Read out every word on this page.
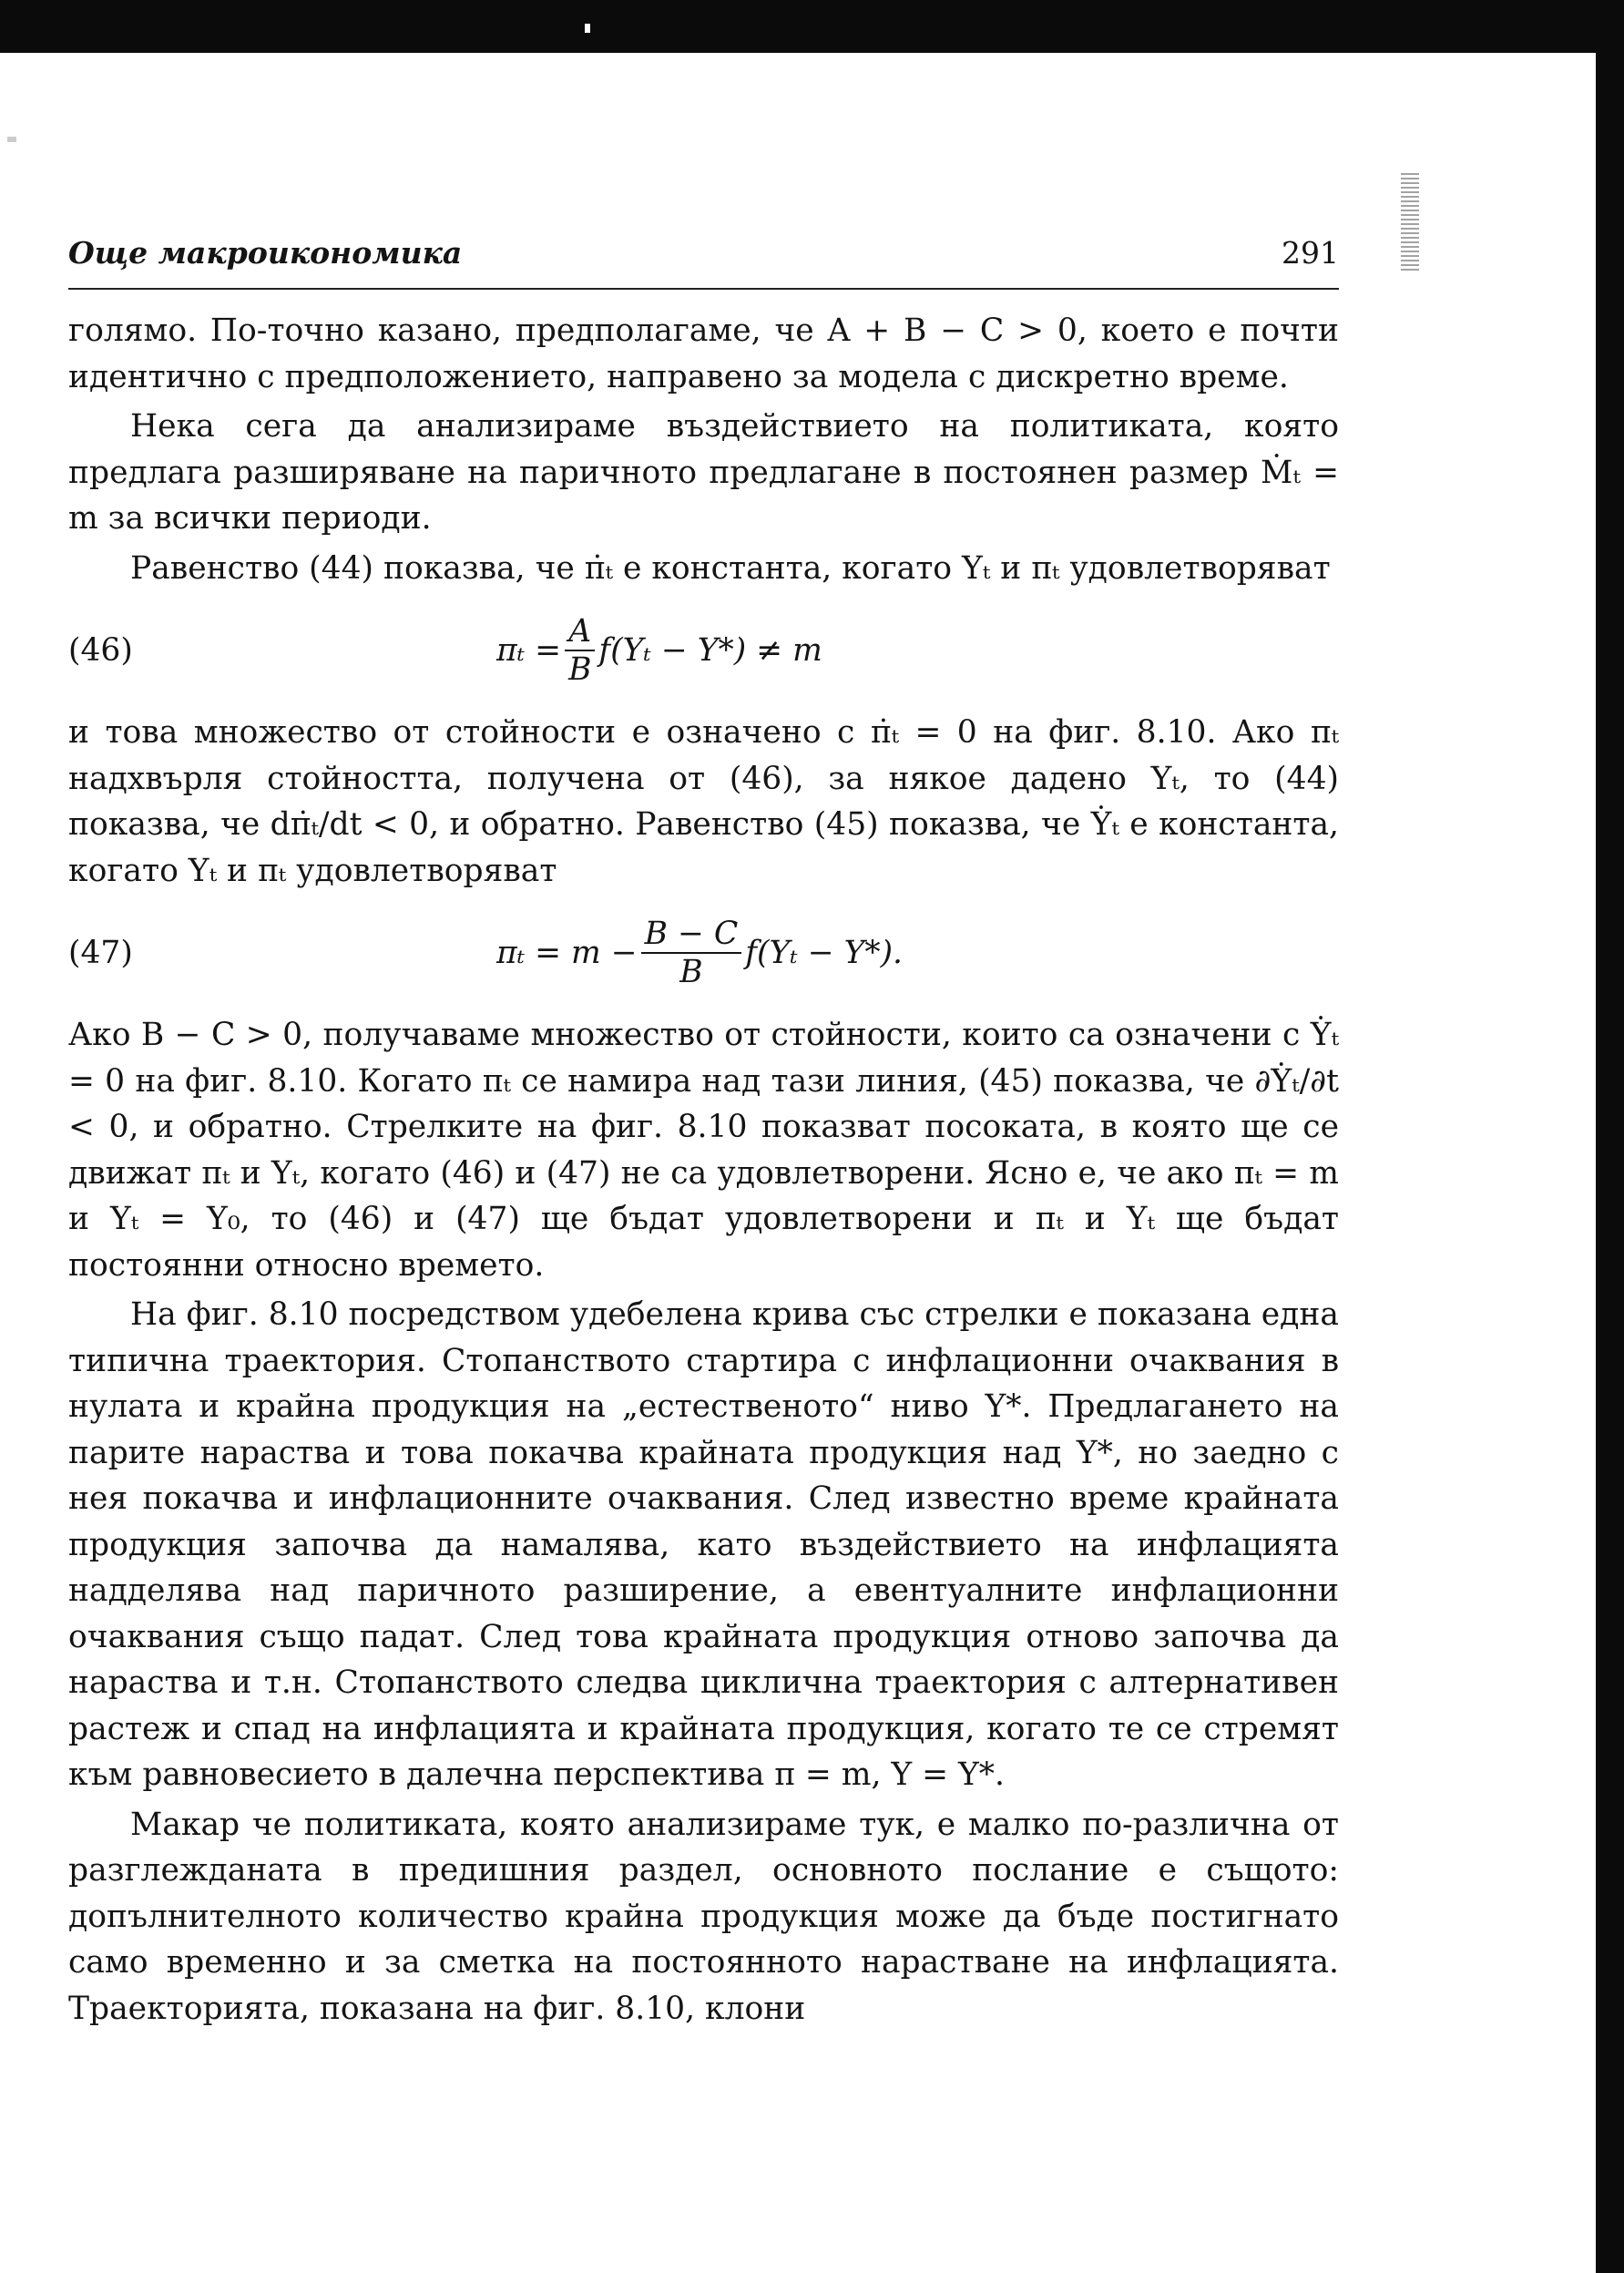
Още макроикономика	291

голямо. По-точно казано, предполагаме, че A + B − C > 0, което е почти идентично с предположението, направено за модела с дискретно време.

Нека сега да анализираме въздействието на политиката, която предлага разширяване на паричното предлагане в постоянен размер Ṁₜ = m за всички периоди.

Равенство (44) показва, че π̇ₜ е константа, когато Yₜ и πₜ удовлетворяват

(46)	$\pi_t = \frac{A}{B} f(Y_t - Y*) \ne m$

и това множество от стойности е означено с π̇ₜ = 0 на фиг. 8.10. Ако πₜ надхвърля стойността, получена от (46), за някое дадено Yₜ, то (44) показва, че dπ̇ₜ/dt < 0, и обратно. Равенство (45) показва, че Ẏₜ е константа, когато Yₜ и πₜ удовлетворяват

(47)	$\pi_t = m - \frac{B - C}{B} f(Y_t - Y*)$.

Ако B − C > 0, получаваме множество от стойности, които са означени с Ẏₜ = 0 на фиг. 8.10. Когато πₜ се намира над тази линия, (45) показва, че ∂Ẏₜ/∂t < 0, и обратно. Стрелките на фиг. 8.10 показват посоката, в която ще се движат πₜ и Yₜ, когато (46) и (47) не са удовлетворени. Ясно е, че ако πₜ = m и Yₜ = Y₀, то (46) и (47) ще бъдат удовлетворени и πₜ и Yₜ ще бъдат постоянни относно времето.

На фиг. 8.10 посредством удебелена крива със стрелки е показана една типична траектория. Стопанството стартира с инфлационни очаквания в нулата и крайна продукция на „естественото“ ниво Y*. Предлагането на парите нараства и това покачва крайната продукция над Y*, но заедно с нея покачва и инфлационните очаквания. След известно време крайната продукция започва да намалява, като въздействието на инфлацията надделява над паричното разширение, а евентуалните инфлационни очаквания също падат. След това крайната продукция отново започва да нараства и т.н. Стопанството следва циклична траектория с алтернативен растеж и спад на инфлацията и крайната продукция, когато те се стремят към равновесието в далечна перспектива π = m, Y = Y*.

Макар че политиката, която анализираме тук, е малко по-различна от разглежданата в предишния раздел, основното послание е същото: допълнителното количество крайна продукция може да бъде постигнато само временно и за сметка на постоянното нарастване на инфлацията. Траекторията, показана на фиг. 8.10, клони
